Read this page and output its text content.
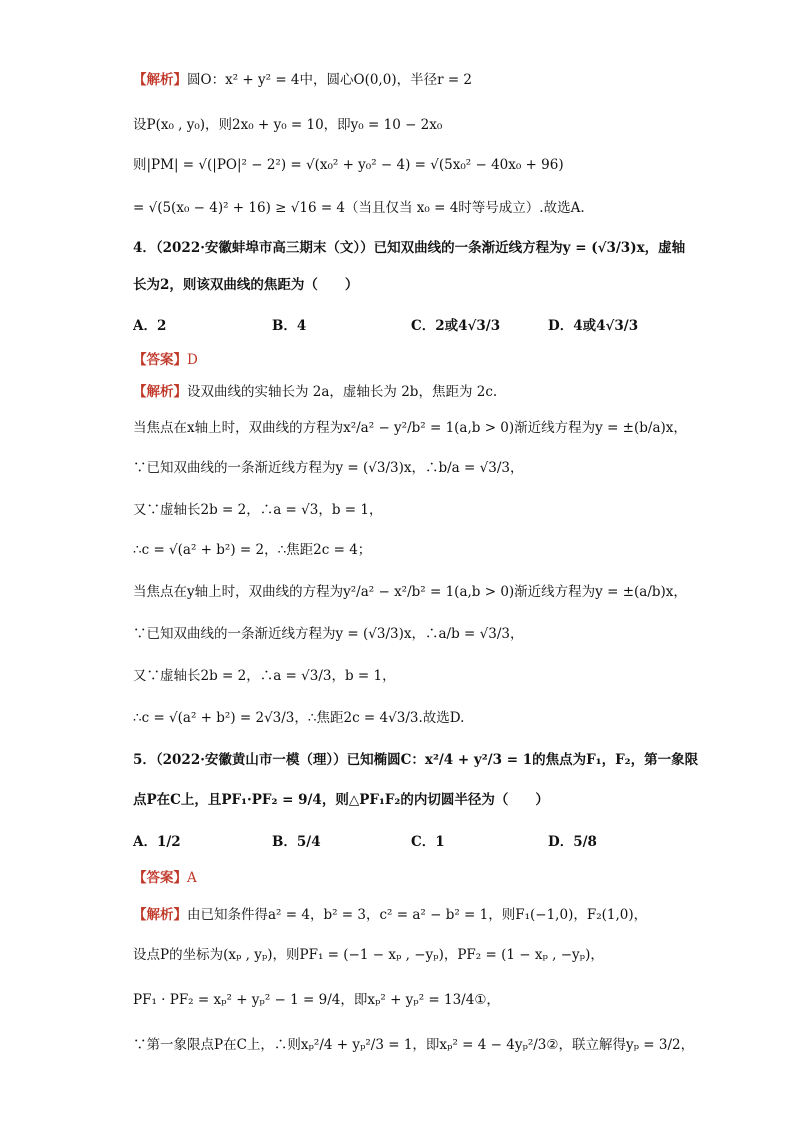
【解析】圆O：x² + y² = 4中，圆心O(0,0)，半径r = 2
设P(x₀ , y₀)，则2x₀ + y₀ = 10，即y₀ = 10 − 2x₀
则|PM| = √(|PO|² − 2²) = √(x₀² + y₀² − 4) = √(5x₀² − 40x₀ + 96)
= √(5(x₀ − 4)² + 16) ≥ √16 = 4（当且仅当 x₀ = 4时等号成立）.故选A.
4．（2022·安徽蚌埠市高三期末（文））已知双曲线的一条渐近线方程为y = (√3/3)x，虚轴
长为2，则该双曲线的焦距为（　　）
A．2	B．4	C．2或4√3/3	D．4或4√3/3
【答案】D
【解析】设双曲线的实轴长为 2a，虚轴长为 2b，焦距为 2c.
当焦点在x轴上时，双曲线的方程为x²/a² − y²/b² = 1(a,b > 0)渐近线方程为y = ±(b/a)x，
∵已知双曲线的一条渐近线方程为y = (√3/3)x，∴b/a = √3/3，
又∵虚轴长2b = 2，∴a = √3，b = 1，
∴c = √(a² + b²) = 2，∴焦距2c = 4；
当焦点在y轴上时，双曲线的方程为y²/a² − x²/b² = 1(a,b > 0)渐近线方程为y = ±(a/b)x，
∵已知双曲线的一条渐近线方程为y = (√3/3)x，∴a/b = √3/3，
又∵虚轴长2b = 2，∴a = √3/3，b = 1，
∴c = √(a² + b²) = 2√3/3，∴焦距2c = 4√3/3.故选D.
5．（2022·安徽黄山市一模（理））已知椭圆C：x²/4 + y²/3 = 1的焦点为F₁，F₂，第一象限
点P在C上，且PF₁·PF₂ = 9/4，则△PF₁F₂的内切圆半径为（　　）
A．1/2	B．5/4	C．1	D．5/8
【答案】A
【解析】由已知条件得a² = 4，b² = 3，c² = a² − b² = 1，则F₁(−1,0)，F₂(1,0)，
设点P的坐标为(xₚ , yₚ)，则PF₁ = (−1 − xₚ , −yₚ)，PF₂ = (1 − xₚ , −yₚ)，
PF₁ · PF₂ = xₚ² + yₚ² − 1 = 9/4，即xₚ² + yₚ² = 13/4①，
∵第一象限点P在C上，∴则xₚ²/4 + yₚ²/3 = 1，即xₚ² = 4 − 4yₚ²/3②，联立解得yₚ = 3/2，
